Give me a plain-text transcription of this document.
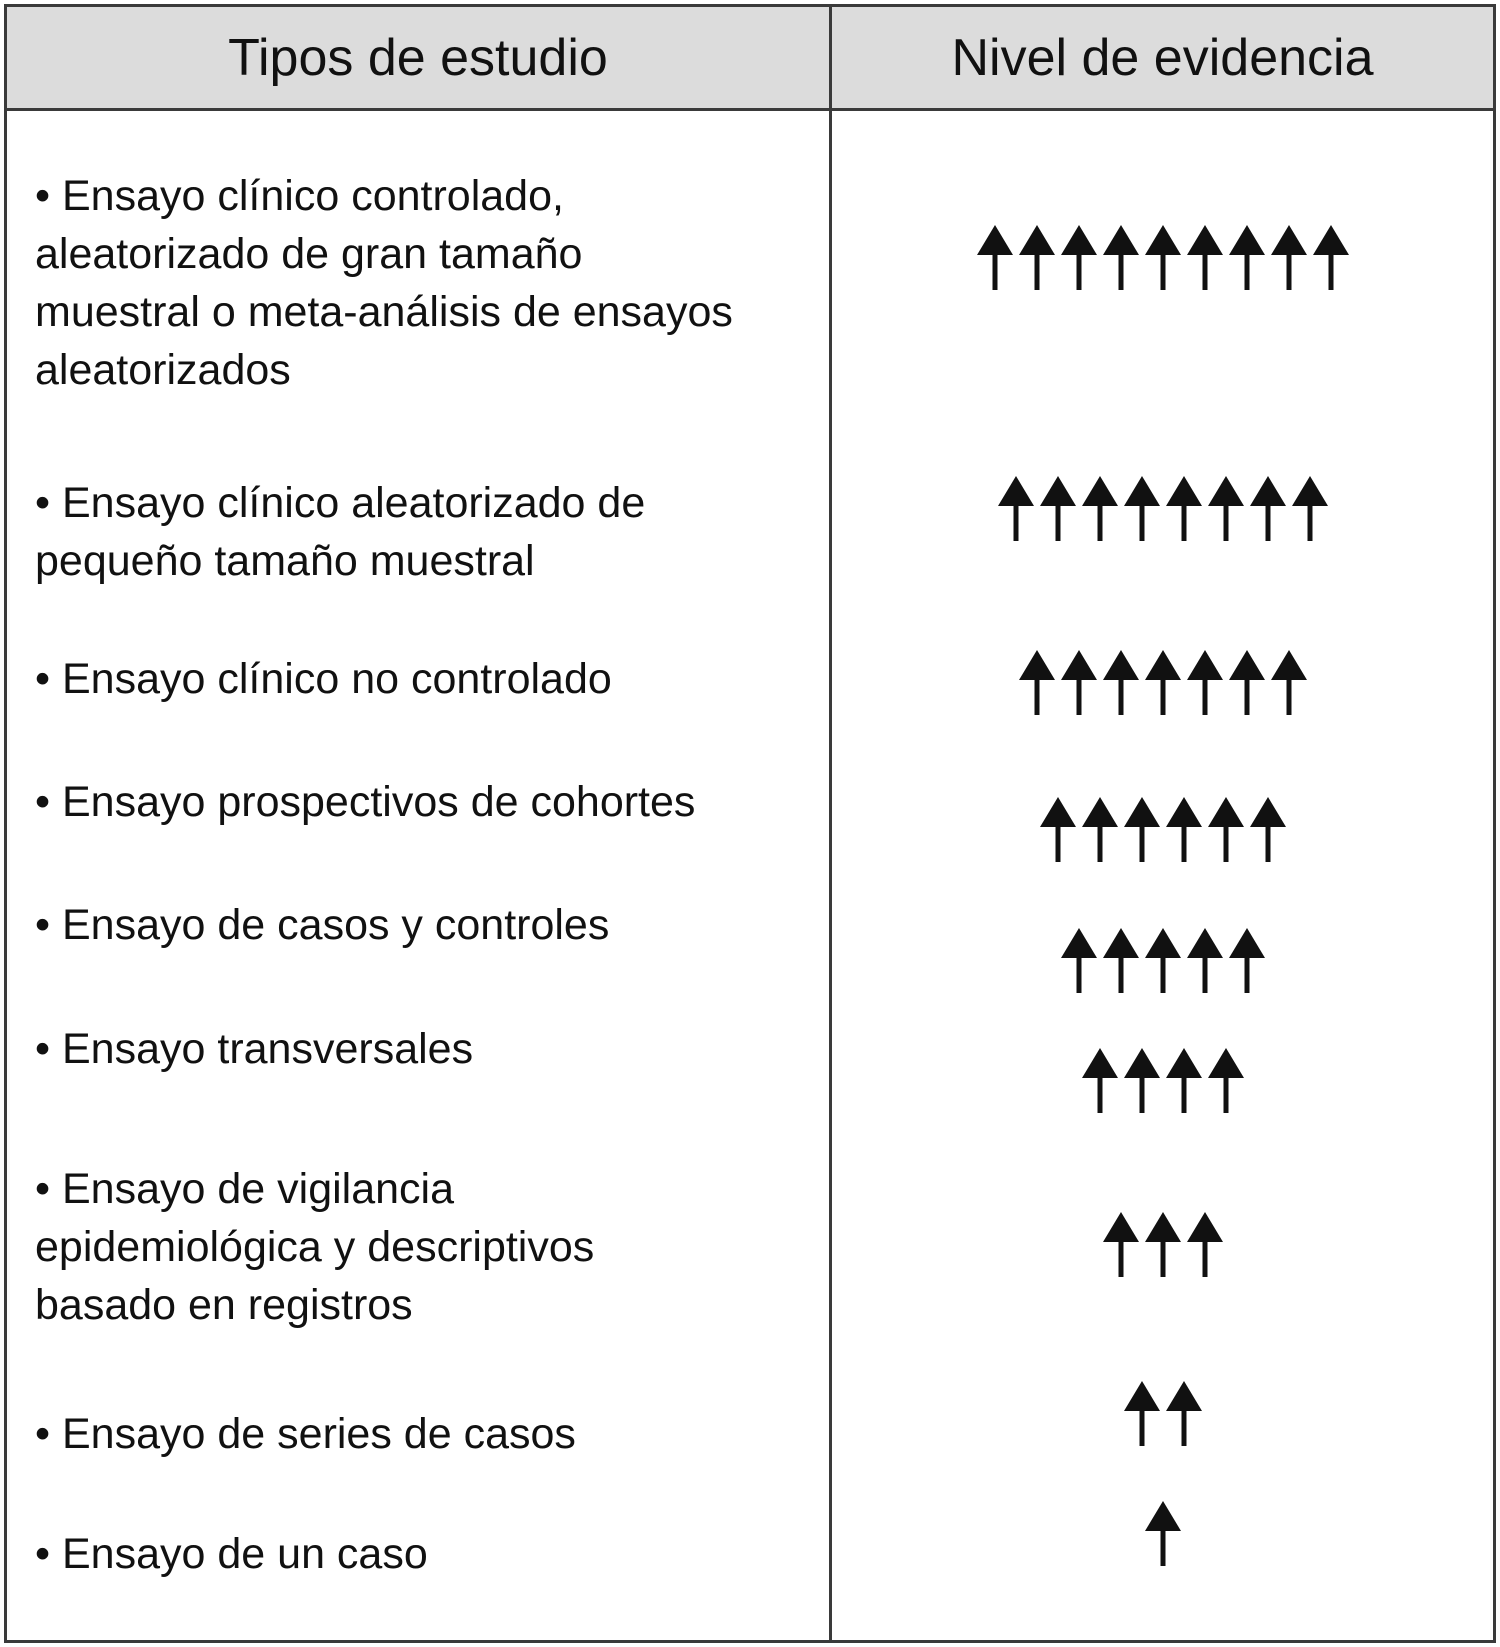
Tipos de estudio	Nivel de evidencia
• Ensayo clínico controlado,
aleatorizado de gran tamaño
muestral o meta-análisis de ensayos
aleatorizados
• Ensayo clínico aleatorizado de
pequeño tamaño muestral
• Ensayo clínico no controlado
• Ensayo prospectivos de cohortes
• Ensayo de casos y controles
• Ensayo transversales
• Ensayo de vigilancia
epidemiológica y descriptivos
basado en registros
• Ensayo de series de casos
• Ensayo de un caso
